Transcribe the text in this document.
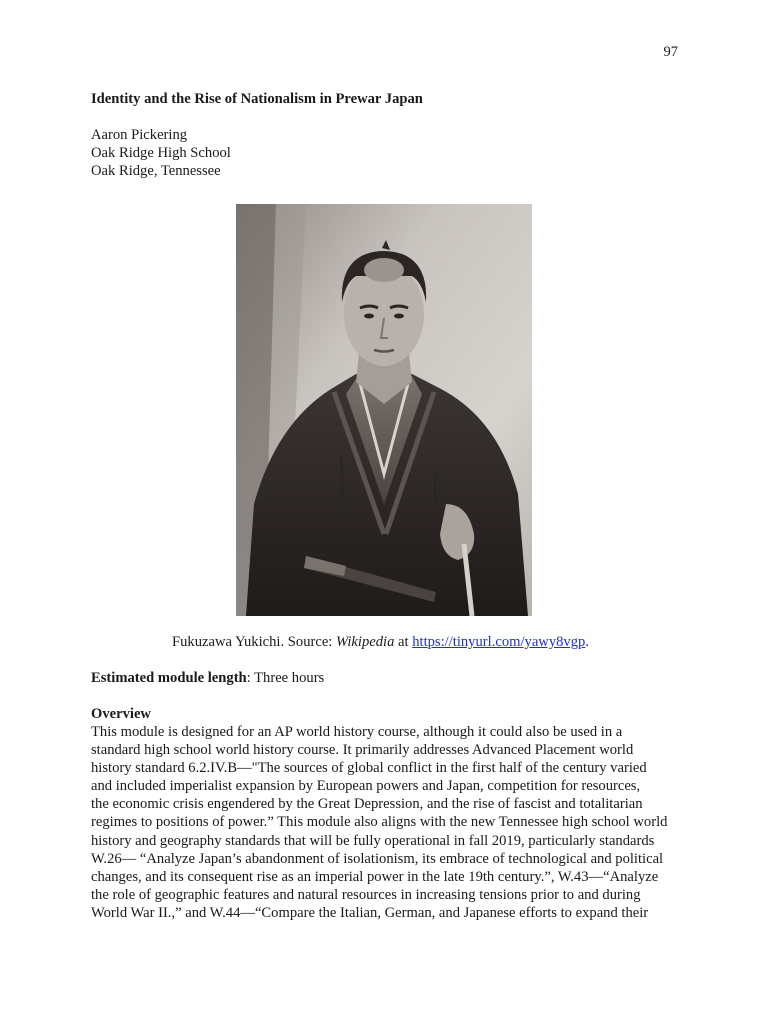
97
Identity and the Rise of Nationalism in Prewar Japan
Aaron Pickering
Oak Ridge High School
Oak Ridge, Tennessee
Fukuzawa Yukichi. Source: Wikipedia at https://tinyurl.com/yawy8vgp.
Estimated module length: Three hours
Overview
This module is designed for an AP world history course, although it could also be used in a
standard high school world history course. It primarily addresses Advanced Placement world
history standard 6.2.IV.B—"The sources of global conflict in the first half of the century varied
and included imperialist expansion by European powers and Japan, competition for resources,
the economic crisis engendered by the Great Depression, and the rise of fascist and totalitarian
regimes to positions of power.” This module also aligns with the new Tennessee high school world
history and geography standards that will be fully operational in fall 2019, particularly standards
W.26— “Analyze Japan’s abandonment of isolationism, its embrace of technological and political
changes, and its consequent rise as an imperial power in the late 19th century.”, W.43—“Analyze
the role of geographic features and natural resources in increasing tensions prior to and during
World War II.,” and W.44—“Compare the Italian, German, and Japanese efforts to expand their
